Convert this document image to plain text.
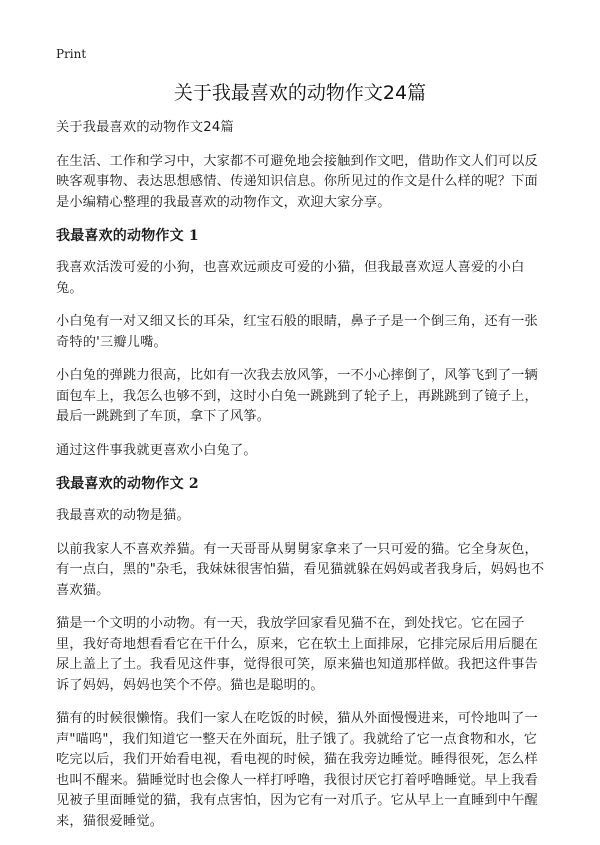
Print
关于我最喜欢的动物作文24篇

关于我最喜欢的动物作文24篇

在生活、工作和学习中，大家都不可避免地会接触到作文吧，借助作文人们可以反映客观事物、表达思想感情、传递知识信息。你所见过的作文是什么样的呢？下面是小编精心整理的我最喜欢的动物作文，欢迎大家分享。

我最喜欢的动物作文 1

我喜欢活泼可爱的小狗，也喜欢远顽皮可爱的小猫，但我最喜欢逗人喜爱的小白兔。

小白兔有一对又细又长的耳朵，红宝石般的眼睛，鼻子子是一个倒三角，还有一张奇特的'三瓣儿嘴。

小白兔的弹跳力很高，比如有一次我去放风筝，一不小心摔倒了，风筝飞到了一辆面包车上，我怎么也够不到，这时小白兔一跳跳到了轮子上，再跳跳到了镜子上，最后一跳跳到了车顶，拿下了风筝。

通过这件事我就更喜欢小白兔了。

我最喜欢的动物作文 2

我最喜欢的动物是猫。

以前我家人不喜欢养猫。有一天哥哥从舅舅家拿来了一只可爱的猫。它全身灰色，有一点白，黑的"杂毛，我妹妹很害怕猫，看见猫就躲在妈妈或者我身后，妈妈也不喜欢猫。

猫是一个文明的小动物。有一天，我放学回家看见猫不在，到处找它。它在园子里，我好奇地想看看它在干什么，原来，它在软土上面排尿，它排完尿后用后腿在尿上盖上了土。我看见这件事，觉得很可笑，原来猫也知道那样做。我把这件事告诉了妈妈，妈妈也笑个不停。猫也是聪明的。

猫有的时候很懒惰。我们一家人在吃饭的时候，猫从外面慢慢进来，可怜地叫了一声"喵呜"，我们知道它一整天在外面玩，肚子饿了。我就给了它一点食物和水，它吃完以后，我们开始看电视，看电视的时候，猫在我旁边睡觉。睡得很死，怎么样也叫不醒来。猫睡觉时也会像人一样打呼噜，我很讨厌它打着呼噜睡觉。早上我看见被子里面睡觉的猫，我有点害怕，因为它有一对爪子。它从早上一直睡到中午醒来，猫很爱睡觉。
